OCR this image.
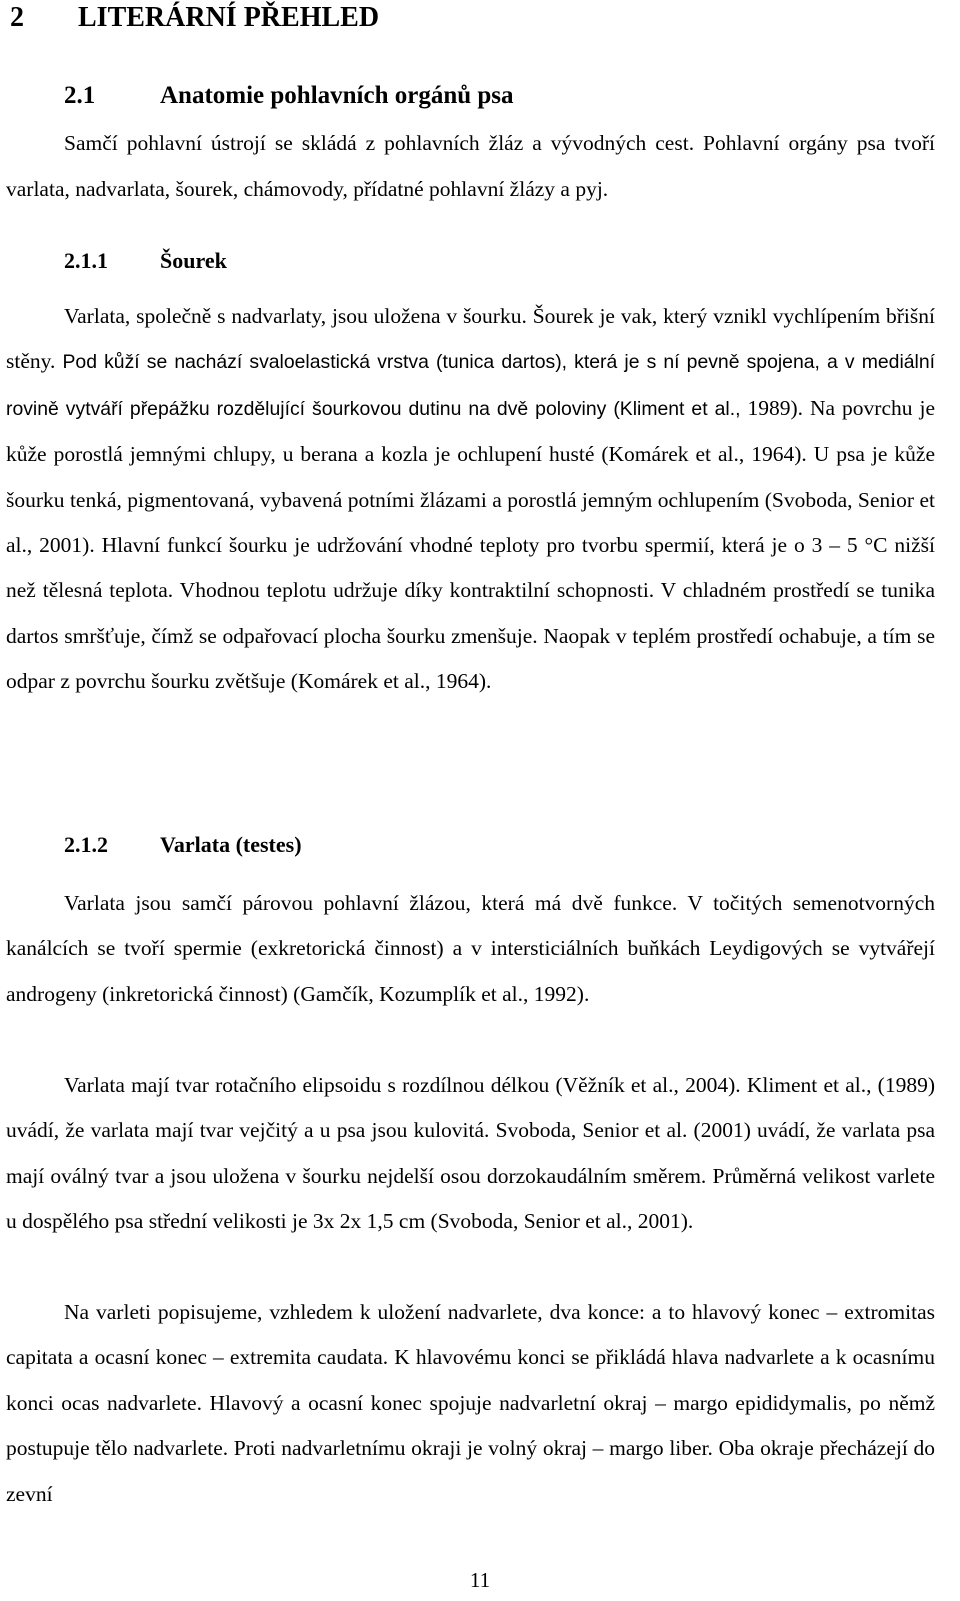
2 LITERÁRNÍ PŘEHLED
2.1	Anatomie pohlavních orgánů psa

Samčí pohlavní ústrojí se skládá z pohlavních žláz a vývodných cest. Pohlavní orgány psa tvoří varlata, nadvarlata, šourek, chámovody, přídatné pohlavní žlázy a pyj.

2.1.1 Šourek

Varlata, společně s nadvarlaty, jsou uložena v šourku. Šourek je vak, který vznikl vychlípením břišní stěny. Pod kůží se nachází svaloelastická vrstva (tunica dartos), která je s ní pevně spojena, a v mediální rovině vytváří přepážku rozdělující šourkovou dutinu na dvě poloviny (Kliment et al., 1989). Na povrchu je kůže porostlá jemnými chlupy, u berana a kozla je ochlupení husté (Komárek et al., 1964). U psa je kůže šourku tenká, pigmentovaná, vybavená potními žlázami a porostlá jemným ochlupením (Svoboda, Senior et al., 2001). Hlavní funkcí šourku je udržování vhodné teploty pro tvorbu spermií, která je o 3 – 5 °C nižší než tělesná teplota. Vhodnou teplotu udržuje díky kontraktilní schopnosti. V chladném prostředí se tunika dartos smršťuje, čímž se odpařovací plocha šourku zmenšuje. Naopak v teplém prostředí ochabuje, a tím se odpar z povrchu šourku zvětšuje (Komárek et al., 1964).

2.1.2 Varlata (testes)

Varlata jsou samčí párovou pohlavní žlázou, která má dvě funkce. V točitých semenotvorných kanálcích se tvoří spermie (exkretorická činnost) a v intersticiálních buňkách Leydigových se vytvářejí androgeny (inkretorická činnost) (Gamčík, Kozumplík et al., 1992).

Varlata mají tvar rotačního elipsoidu s rozdílnou délkou (Věžník et al., 2004). Kliment et al., (1989) uvádí, že varlata mají tvar vejčitý a u psa jsou kulovitá. Svoboda, Senior et al. (2001) uvádí, že varlata psa mají oválný tvar a jsou uložena v šourku nejdelší osou dorzokaudálním směrem. Průměrná velikost varlete u dospělého psa střední velikosti je 3x 2x 1,5 cm (Svoboda, Senior et al., 2001).

Na varleti popisujeme, vzhledem k uložení nadvarlete, dva konce: a to hlavový konec – extromitas capitata a ocasní konec – extremita caudata. K hlavovému konci se přikládá hlava nadvarlete a k ocasnímu konci ocas nadvarlete. Hlavový a ocasní konec spojuje nadvarletní okraj – margo epididymalis, po němž postupuje tělo nadvarlete. Proti nadvarletnímu okraji je volný okraj – margo liber. Oba okraje přecházejí do zevní

11
